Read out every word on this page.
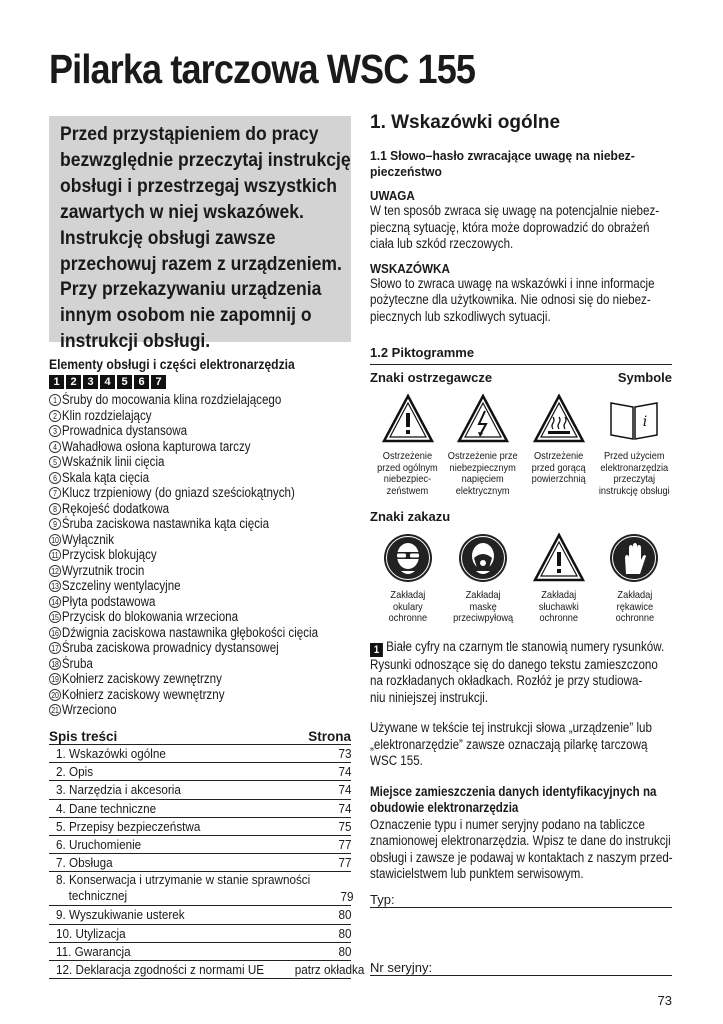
Pilarka tarczowa WSC 155
Przed przystąpieniem do pracy
bezwzględnie przeczytaj instrukcję
obsługi i przestrzegaj wszystkich
zawartych w niej wskazówek.
Instrukcję obsługi zawsze
przechowuj razem z urządzeniem.
Przy przekazywaniu urządzenia
innym osobom nie zapomnij o
instrukcji obsługi.
Elementy obsługi i części elektronarzędzia
1 2 3 4 5 6 7
1 Śruby do mocowania klina rozdzielającego
2 Klin rozdzielający
3 Prowadnica dystansowa
4 Wahadłowa osłona kapturowa tarczy
5 Wskaźnik linii cięcia
6 Skala kąta cięcia
7 Klucz trzpieniowy (do gniazd sześciokątnych)
8 Rękojeść dodatkowa
9 Śruba zaciskowa nastawnika kąta cięcia
10 Wyłącznik
11 Przycisk blokujący
12 Wyrzutnik trocin
13 Szczeliny wentylacyjne
14 Płyta podstawowa
15 Przycisk do blokowania wrzeciona
16 Dźwignia zaciskowa nastawnika głębokości cięcia
17 Śruba zaciskowa prowadnicy dystansowej
18 Śruba
19 Kołnierz zaciskowy zewnętrzny
20 Kołnierz zaciskowy wewnętrzny
21 Wrzeciono
Spis treści	Strona
1. Wskazówki ogólne	73
2. Opis	74
3. Narzędzia i akcesoria	74
4. Dane techniczne	74
5. Przepisy bezpieczeństwa	75
6. Uruchomienie	77
7. Obsługa	77
8. Konserwacja i utrzymanie w stanie sprawności
technicznej	79
9. Wyszukiwanie usterek	80
10. Utylizacja	80
11. Gwarancja	80
12. Deklaracja zgodności z normami UE patrz okładka
1. Wskazówki ogólne
1.1 Słowo–hasło zwracające uwagę na niebez-
pieczeństwo
UWAGA
W ten sposób zwraca się uwagę na potencjalnie niebez-
pieczną sytuację, która może doprowadzić do obrażeń
ciała lub szkód rzeczowych.
WSKAZÓWKA
Słowo to zwraca uwagę na wskazówki i inne informacje
pożyteczne dla użytkownika. Nie odnosi się do niebez-
piecznych lub szkodliwych sytuacji.
1.2 Piktogramme
Znaki ostrzegawcze	Symbole
Ostrzeżenie
przed ogólnym
niebezpiec-
zeństwem
Ostrzeżenie prze
niebezpiecznym
napięciem
elektrycznym
Ostrzeżenie
przed gorącą
powierzchnią
i
Przed użyciem
elektronarzędzia
przeczytaj
instrukcję obsługi
Znaki zakazu
Zakładaj
okulary
ochronne
Zakładaj
maskę
przeciwpyłową
Zakładaj
słuchawki
ochronne
Zakładaj
rękawice
ochronne
1 Białe cyfry na czarnym tle stanowią numery rysunków.
Rysunki odnoszące się do danego tekstu zamieszczono
na rozkładanych okładkach. Rozłóż je przy studiowa-
niu niniejszej instrukcji.
Używane w tekście tej instrukcji słowa „urządzenie” lub
„elektronarzędzie” zawsze oznaczają pilarkę tarczową
WSC 155.
Miejsce zamieszczenia danych identyfikacyjnych na
obudowie elektronarzędzia
Oznaczenie typu i numer seryjny podano na tabliczce
znamionowej elektronarzędzia. Wpisz te dane do instrukcji
obsługi i zawsze je podawaj w kontaktach z naszym przed-
stawicielstwem lub punktem serwisowym.
Typ:
Nr seryjny:
73
